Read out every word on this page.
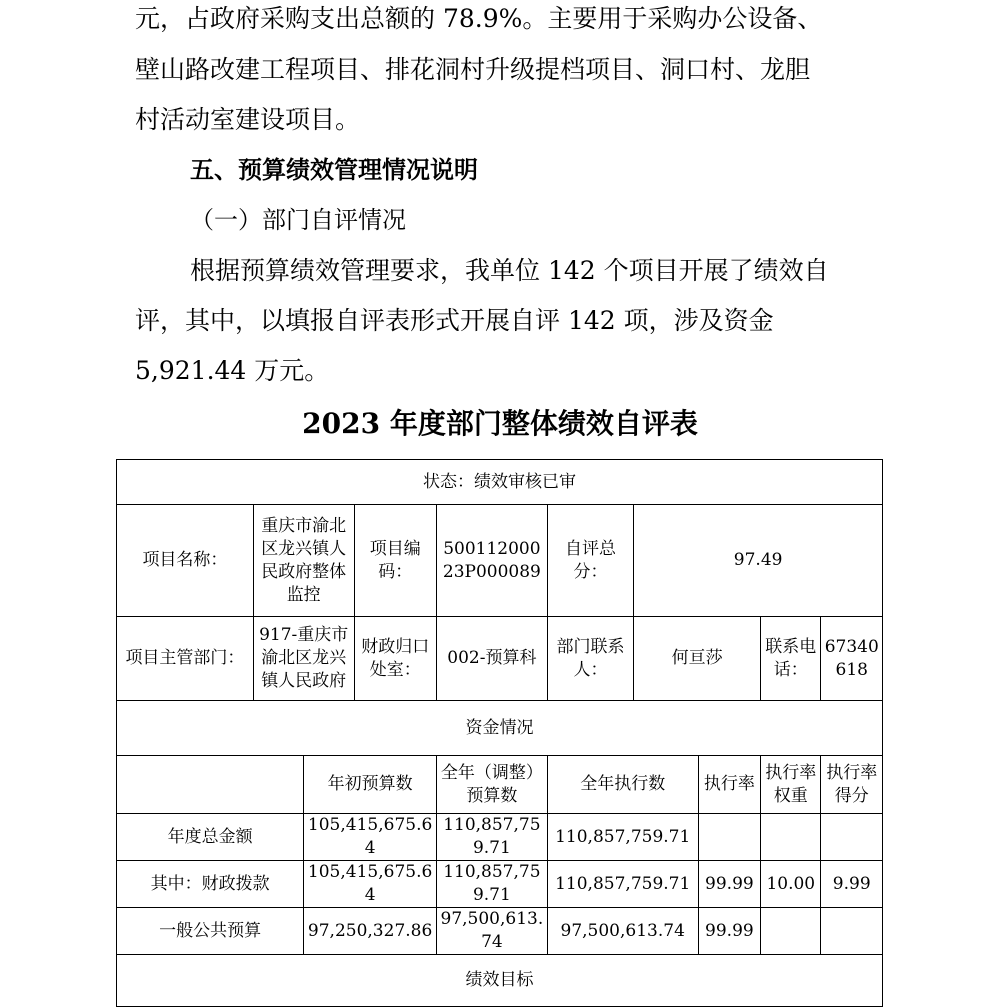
元，占政府采购支出总额的 78.9%。主要用于采购办公设备、
壁山路改建工程项目、排花洞村升级提档项目、洞口村、龙胆
村活动室建设项目。
五、预算绩效管理情况说明
（一）部门自评情况
根据预算绩效管理要求，我单位 142 个项目开展了绩效自
评，其中，以填报自评表形式开展自评 142 项，涉及资金
5,921.44 万元。
2023 年度部门整体绩效自评表
状态：绩效审核已审									
项目名称：	重庆市渝北区龙兴镇人民政府整体监控		项目编码：	50011200023P000089	自评总分：	97.49			
项目主管部门：	917-重庆市渝北区龙兴镇人民政府		财政归口处室：	002-预算科	部门联系人：	何亘莎		联系电话：	67340618
资金情况									
		年初预算数		全年（调整）预算数	全年执行数		执行率	执行率权重	执行率得分
年度总金额		105,415,675.64		110,857,759.71	110,857,759.71				
其中：财政拨款		105,415,675.64		110,857,759.71	110,857,759.71		99.99	10.00	9.99
一般公共预算		97,250,327.86		97,500,613.74	97,500,613.74		99.99		
绩效目标									
